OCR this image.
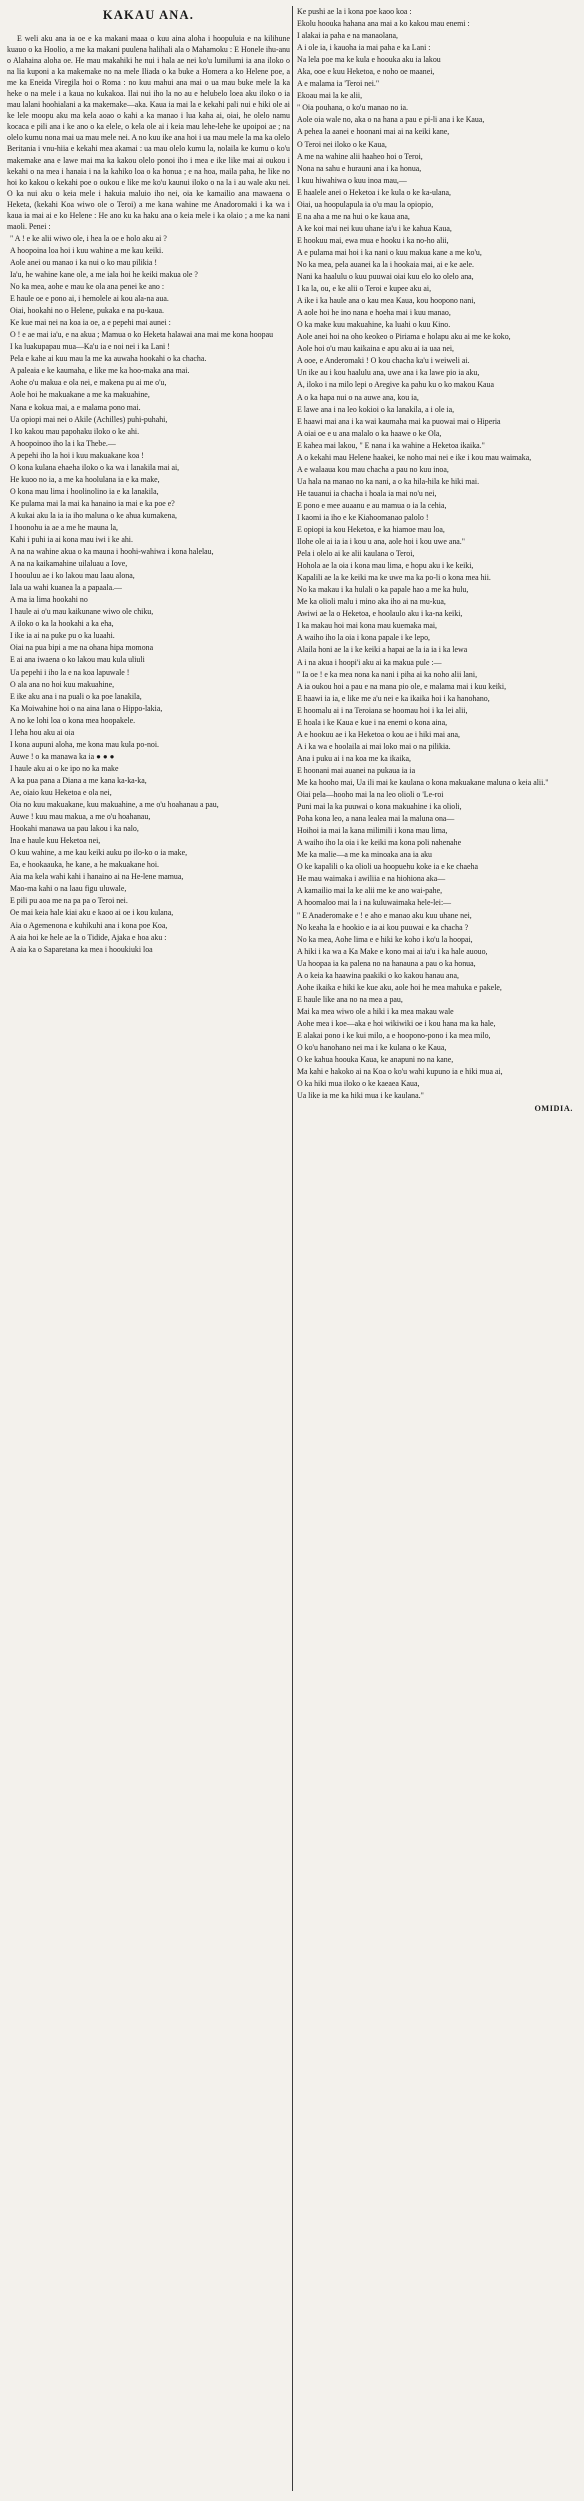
KAKAU ANA.

E weli aku ana ia oe e ka makani maaa o kuu aina aloha i hoopuluia e na kilihune kuauo o ka Hoolio, a me ka makani puulena halihali ala o Mahamoku : E Honele ihu-anu o Alahaina aloha oe. He mau makahiki he nui i hala ae nei ko'u lumilumi ia ana iloko o na lia kuponi a ka makemake no na mele Iliada o ka buke a Homera a ko Helene poe, a me ka Eneida Viregila hoi o Roma : no kuu mahui ana mai o ua mau buke mele la ka heke o na mele i a kaua no kukakoa. Ilai nui iho la no au e helubelo loea aku iloko o ia mau lalani hoohialani a ka makemake—aka. Kaua ia mai la e kekahi pali nui e hiki ole ai ke lele moopu aku ma kela aoao o kahi a ka manao i lua kaha ai, oiai, he olelo namu kocaca e pili ana i ke ano o ka elele, o kela ole ai i keia mau lehe-lehe ke upoipoi ae ; na olelo kumu nona mai ua mau mele nei. A no kuu ike ana hoi i ua mau mele la ma ka olelo Beritania i vnu-hiia e kekahi mea akamai : ua mau olelo kumu la, nolaila ke kumu o ko'u makemake ana e lawe mai ma ka kakou olelo ponoi iho i mea e ike like mai ai oukou i kekahi o na mea i hanaia i na la kahiko loa o ka honua ; e na hoa, maila paha, he like no hoi ko kakou o kekahi poe o oukou e like me ko'u kaunui iloko o na la i au wale aku nei. O ka nui aku o keia mele i hakuia maluio iho nei, oia ke kamailio ana mawaena o Heketa, (kekahi Koa wiwo ole o Teroi) a me kana wahine me Anadoromaki i ka wa i kaua ia mai ai e ko Helene : He ano ku ka haku ana o keia mele i ka olaio ; a me ka nani maoli. Penei :

" A ! e ke alii wiwo ole, i hea la oe e holo aku ai ?

A hoopoina loa hoi i kuu wahine a me kau keiki.

Aole anei ou manao i ka nui o ko mau pilikia !

Ia'u, he wahine kane ole, a me iala hoi he keiki makua ole ?

No ka mea, aohe e mau ke ola ana penei ke ano :

E haule oe e pono ai, i hemolele ai kou ala-na aua.

Oiai, hookahi no o Helene, pukaka e na pu-kaua.

Ke kue mai nei na koa ia oe, a e pepehi mai aunei :

O ! e ae mai ia'u, e na akua ; Mamua o ko Heketa halawai ana mai me kona hoopau

I ka luakupapau mua—Ka'u ia e noi nei i ka Lani !

Pela e kahe ai kuu mau la me ka auwaha hookahi o ka chacha.

A paleaia e ke kaumaha, e like me ka hoo-maka ana mai.

Aohe o'u makua e ola nei, e makena pu ai me o'u,

Aole hoi he makuakane a me ka makuahine,

Nana e kokua mai, a e malama pono mai.

Ua opiopi mai nei o Akile (Achilles) puhi-puhahi,

I ko kakou mau papohaku iloko o ke ahi.

A hoopoinoo iho la i ka Thebe.—

A pepehi iho la hoi i kuu makuakane koa !

O kona kulana ehaeha iloko o ka wa i lanakila mai ai,

He kuoo no ia, a me ka hoolulana ia e ka make,

O kona mau lima i hoolinolino ia e ka lanakila,

Ke pulama mai la mai ka hanaino ia mai e ka poe e?

A kukai aku la ia ia iho maluna o ke ahua kumakena,

I hoonohu ia ae a me he mauna la,

Kahi i puhi ia ai kona mau iwi i ke ahi.

A na na wahine akua o ka mauna i hoohi-wahiwa i kona halelau,

A na na kaikamahine uilaluau a Iove,

I hoouluu ae i ko lakou mau laau alona,

Iala ua wahi kuanea la a papaala.—

A ma ia lima hookahi no

I haule ai o'u mau kaikunane wiwo ole chiku,

A iloko o ka la hookahi a ka eha,

I ike ia ai na puke pu o ka luaahi.

Oiai na pua bipi a me na ohana hipa momona

E ai ana iwaena o ko lakou mau kula uliuli

Ua pepehi i iho la e na koa lapuwale !

O ala ana no hoi kuu makuahine,

E ike aku ana i na puali o ka poe lanakila,

Ka Moiwahine hoi o na aina lana o Hippo-lakia,

A no ke lohi loa o kona mea hoopakele.

I leha hou aku ai oia

I kona aupuni aloha, me kona mau kula po-noi.

Auwe ! o ka manawa ka ia ● ● ●

I haule aku ai o ke ipo no ka make

A ka pua pana a Diana a me kana ka-ka-ka,

Ae, oiaio kuu Heketoa e ola nei,

Oia no kuu makuakane, kuu makuahine, a me o'u hoahanau a pau,

Auwe ! kuu mau makua, a me o'u hoahanau,

Hookahi manawa ua pau lakou i ka nalo,

Ina e haule kuu Heketoa nei,

O kuu wahine, a me kau keiki auku po ilo-ko o ia make,

Ea, e hookaauka, he kane, a he makuakane hoi.

Aia ma kela wahi kahi i hanaino ai na He-lene mamua,

Mao-ma kahi o na laau figu uluwale,

E pili pu aoa me na pa pa o Teroi nei.

Oe mai keia hale kiai aku e kaoo ai oe i kou kulana,

Aia o Agemenona e kuhikuhi ana i kona poe Koa,

A aia hoi ke hele ae la o Tidide, Ajaka e hoa aku :

A aia ka o Saparetana ka mea i hooukiuki loa

Ke pushi ae la i kona poe kaoo koa :

Ekolu hoouka hahana ana mai a ko kakou mau enemi :

I alakai ia paha e na manaolana,

A i ole ia, i kauoha ia mai paha e ka Lani :

Na lela poe ma ke kula e hoouka aku ia lakou

Aka, ooe e kuu Heketoa, e noho oe maanei,

A e malama ia 'Teroi nei."

Ekoau mai la ke alii,

" Oia pouhana, o ko'u manao no ia.

Aole oia wale no, aka o na hana a pau e pi-li ana i ke Kaua,

A pehea la aanei e hoonani mai ai na keiki kane,

O Teroi nei iloko o ke Kaua,

A me na wahine alii haaheo hoi o Teroi,

Nona na sahu e hurauni ana i ka honua,

I kuu hiwahiwa o kuu inoa mau,—

E haalele anei o Heketoa i ke kula o ke ka-ulana,

Oiai, ua hoopulapula ia o'u mau la opiopio,

E na aha a me na hui o ke kaua ana,

A ke koi mai nei kuu uhane ia'u i ke kahua Kaua,

E hookuu mai, ewa mua e hooku i ka no-ho alii,

A e pulama mai hoi i ka nani o kuu makua kane a me ko'u,

No ka mea, pela auanei ka la i hookaia mai, ai e ke aele.

Nani ka haalulu o kuu puuwai oiai kuu elo ko olelo ana,

I ka la, ou, e ke alii o Teroi e kupee aku ai,

A ike i ka haule ana o kau mea Kaua, kou hoopono nani,

A aole hoi he ino nana e hoeha mai i kuu manao,

O ka make kuu makuahine, ka luahi o kuu Kino.

Aole anei hoi na oho keokeo o Piriama e holapu aku ai me ke koko,

Aole hoi o'u mau kaikaina e apu aku ai ia uaa nei,

A ooe, e Anderomaki ! O kou chacha ka'u i weiweli ai.

Un ike au i kou haalulu ana, uwe ana i ka lawe pio ia aku,

A, iloko i na milo lepi o Aregive ka pahu ku o ko makou Kaua

A o ka hapa nui o na auwe ana, kou ia,

E lawe ana i na leo kokioi o ka lanakila, a i ole ia,

E haawi mai ana i ka wai kaumaha mai ka puowai mai o Hiperia

A oiai oe e u ana malalo o ka haawe o ke Ola,

E kahea mai lakou, " E nana i ka wahine a Heketoa ikaika."

A o kekahi mau Helene haakei, ke noho mai nei e ike i kou mau waimaka,

A e walaaua kou mau chacha a pau no kuu inoa,

Ua hala na manao no ka nani, a o ka hila-hila ke hiki mai.

He tauanui ia chacha i hoala ia mai no'u nei,

E pono e mee auaanu e au mamua o ia la cehia,

I kaomi ia iho e ke Kiahoomanao palolo !

E opiopi ia kou Heketoa, e ka hiamoe mau loa,

Ilohe ole ai ia ia i kou u ana, aole hoi i kou uwe ana."

Pela i olelo ai ke alii kaulana o Teroi,

Hohola ae la oia i kona mau lima, e hopu aku i ke keiki,

Kapalili ae la ke keiki ma ke uwe ma ka po-li o kona mea hii.

No ka makau i ka hulali o ka papale hao a me ka hulu,

Me ka olioli malu i mino aka iho ai na mu-kua,

Awiwi ae la o Heketoa, e hoolaulo aku i ka-na keiki,

I ka makau hoi mai kona mau kuemaka mai,

A waiho iho la oia i kona papale i ke lepo,

Alaila honi ae la i ke keiki a hapai ae la ia ia i ka lewa

A i na akua i hoopi'i aku ai ka makua pule :—

" Ia oe ! e ka mea nona ka nani i piha ai ka noho alii lani,

A ia oukou hoi a pau e na mana pio ole, e malama mai i kuu keiki,

E haawi ia ia, e like me a'u nei e ka ikaika hoi i ka hanohano,

E hoomalu ai i na Teroiana se hoomau hoi i ka lei alii,

E hoala i ke Kaua e kue i na enemi o kona aina,

A e hookuu ae i ka Heketoa o kou ae i hiki mai ana,

A i ka wa e hoolaila ai mai loko mai o na pilikia.

Ana i puku ai i na koa me ka ikaika,

E hoonani mai auanei na pukaua ia ia

Me ka hooho mai, Ua ili mai ke kaulana o kona makuakane maluna o keia alii."

Oiai pela—hooho mai la na leo olioli o 'Le-roi

Puni mai la ka puuwai o kona makuahine i ka olioli,

Poha kona leo, a nana lealea mai la maluna ona—

Hoihoi ia mai la kana milimili i kona mau lima,

A waiho iho la oia i ke keiki ma kona poli nahenahe

Me ka malie—a me ka minoaka ana ia aku

O ke kapalili o ka olioli ua hoopuehu koke ia e ke chaeha

He mau waimaka i awiliia e na hiohiona aka—

A kamailio mai la ke alii me ke ano wai-pahe,

A hoomaloo mai la i na kuluwaimaka hele-lei:—

" E Anaderomake e ! e aho e manao aku kuu uhane nei,

No keaha la e hookio e ia ai kou puuwai e ka chacha ?

No ka mea, Aohe lima e e hiki ke koho i ko'u la hoopai,

A hiki i ka wa a Ka Make e kono mai ai ia'u i ka hale auouo,

Ua hoopaa ia ka palena no na hanauna a pau o ka honua,

A o keia ka haawina paakiki o ko kakou hanau ana,

Aohe ikaika e hiki ke kue aku, aole hoi he mea mahuka e pakele,

E haule like ana no na mea a pau,

Mai ka mea wiwo ole a hiki i ka mea makau wale

Aohe mea i koe—aka e hoi wikiwiki oe i kou hana ma ka hale,

E alakai pono i ke kui milo, a e hoopono-pono i ka mea milo,

O ko'u hanohano nei ma i ke kulana o ke Kaua,

O ke kahua hoouka Kaua, ke anapuni no na kane,

Ma kahi e hakoko ai na Koa o ko'u wahi kupuno ia e hiki mua ai,

O ka hiki mua iloko o ke kaeaea Kaua,

Ua like ia me ka hiki mua i ke kaulana."

OMIDIA.
